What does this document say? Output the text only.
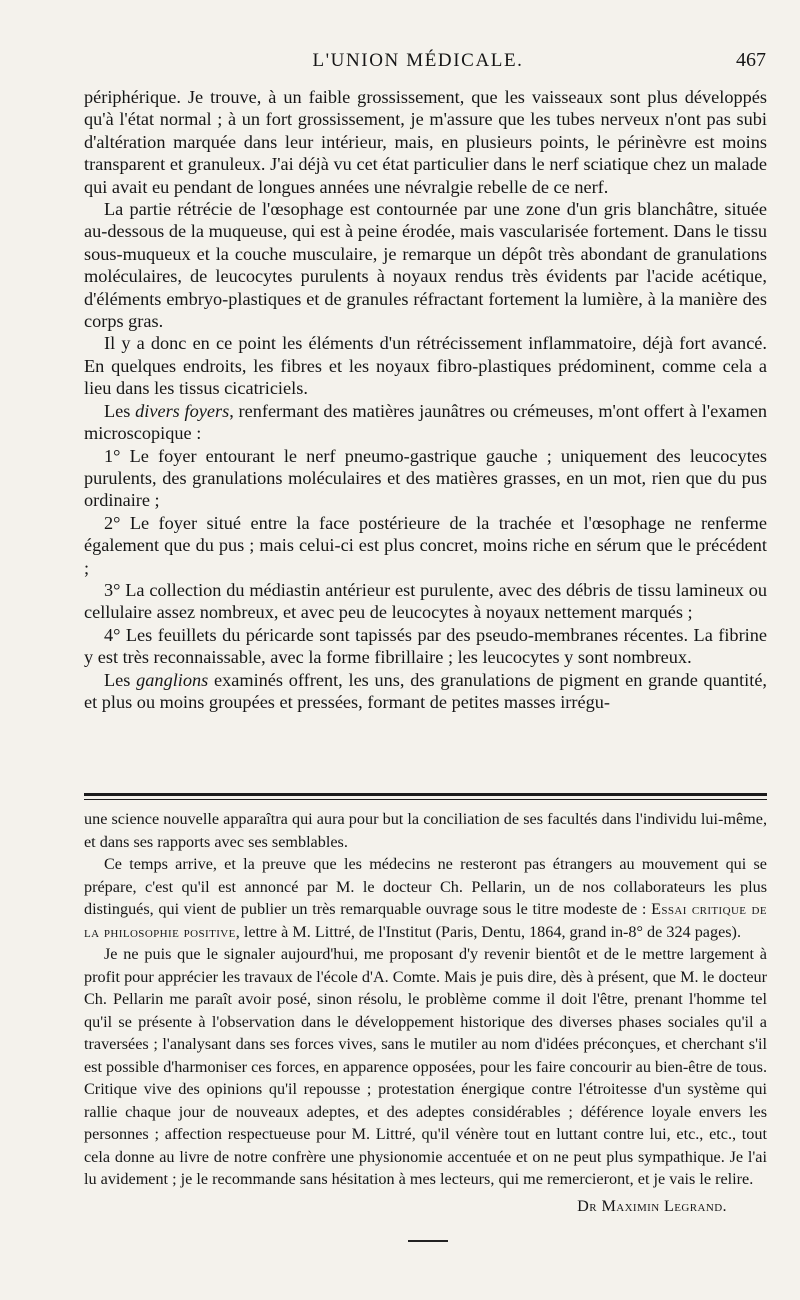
L'UNION MÉDICALE.	467

périphérique. Je trouve, à un faible grossissement, que les vaisseaux sont plus développés qu'à l'état normal ; à un fort grossissement, je m'assure que les tubes nerveux n'ont pas subi d'altération marquée dans leur intérieur, mais, en plusieurs points, le périnèvre est moins transparent et granuleux. J'ai déjà vu cet état particulier dans le nerf sciatique chez un malade qui avait eu pendant de longues années une névralgie rebelle de ce nerf.

La partie rétrécie de l'œsophage est contournée par une zone d'un gris blanchâtre, située au-dessous de la muqueuse, qui est à peine érodée, mais vascularisée fortement. Dans le tissu sous-muqueux et la couche musculaire, je remarque un dépôt très abondant de granulations moléculaires, de leucocytes purulents à noyaux rendus très évidents par l'acide acétique, d'éléments embryo-plastiques et de granules réfractant fortement la lumière, à la manière des corps gras.

Il y a donc en ce point les éléments d'un rétrécissement inflammatoire, déjà fort avancé. En quelques endroits, les fibres et les noyaux fibro-plastiques prédominent, comme cela a lieu dans les tissus cicatriciels.

Les divers foyers, renfermant des matières jaunâtres ou crémeuses, m'ont offert à l'examen microscopique :

1° Le foyer entourant le nerf pneumo-gastrique gauche ; uniquement des leucocytes purulents, des granulations moléculaires et des matières grasses, en un mot, rien que du pus ordinaire ;

2° Le foyer situé entre la face postérieure de la trachée et l'œsophage ne renferme également que du pus ; mais celui-ci est plus concret, moins riche en sérum que le précédent ;

3° La collection du médiastin antérieur est purulente, avec des débris de tissu lamineux ou cellulaire assez nombreux, et avec peu de leucocytes à noyaux nettement marqués ;

4° Les feuillets du péricarde sont tapissés par des pseudo-membranes récentes. La fibrine y est très reconnaissable, avec la forme fibrillaire ; les leucocytes y sont nombreux.

Les ganglions examinés offrent, les uns, des granulations de pigment en grande quantité, et plus ou moins groupées et pressées, formant de petites masses irrégu-

une science nouvelle apparaîtra qui aura pour but la conciliation de ses facultés dans l'individu lui-même, et dans ses rapports avec ses semblables.

Ce temps arrive, et la preuve que les médecins ne resteront pas étrangers au mouvement qui se prépare, c'est qu'il est annoncé par M. le docteur Ch. Pellarin, un de nos collaborateurs les plus distingués, qui vient de publier un très remarquable ouvrage sous le titre modeste de : Essai critique de la philosophie positive, lettre à M. Littré, de l'Institut (Paris, Dentu, 1864, grand in-8° de 324 pages).

Je ne puis que le signaler aujourd'hui, me proposant d'y revenir bientôt et de le mettre largement à profit pour apprécier les travaux de l'école d'A. Comte. Mais je puis dire, dès à présent, que M. le docteur Ch. Pellarin me paraît avoir posé, sinon résolu, le problème comme il doit l'être, prenant l'homme tel qu'il se présente à l'observation dans le développement historique des diverses phases sociales qu'il a traversées ; l'analysant dans ses forces vives, sans le mutiler au nom d'idées préconçues, et cherchant s'il est possible d'harmoniser ces forces, en apparence opposées, pour les faire concourir au bien-être de tous. Critique vive des opinions qu'il repousse ; protestation énergique contre l'étroitesse d'un système qui rallie chaque jour de nouveaux adeptes, et des adeptes considérables ; déférence loyale envers les personnes ; affection respectueuse pour M. Littré, qu'il vénère tout en luttant contre lui, etc., etc., tout cela donne au livre de notre confrère une physionomie accentuée et on ne peut plus sympathique. Je l'ai lu avidement ; je le recommande sans hésitation à mes lecteurs, qui me remercieront, et je vais le relire.

Dr Maximin Legrand.
